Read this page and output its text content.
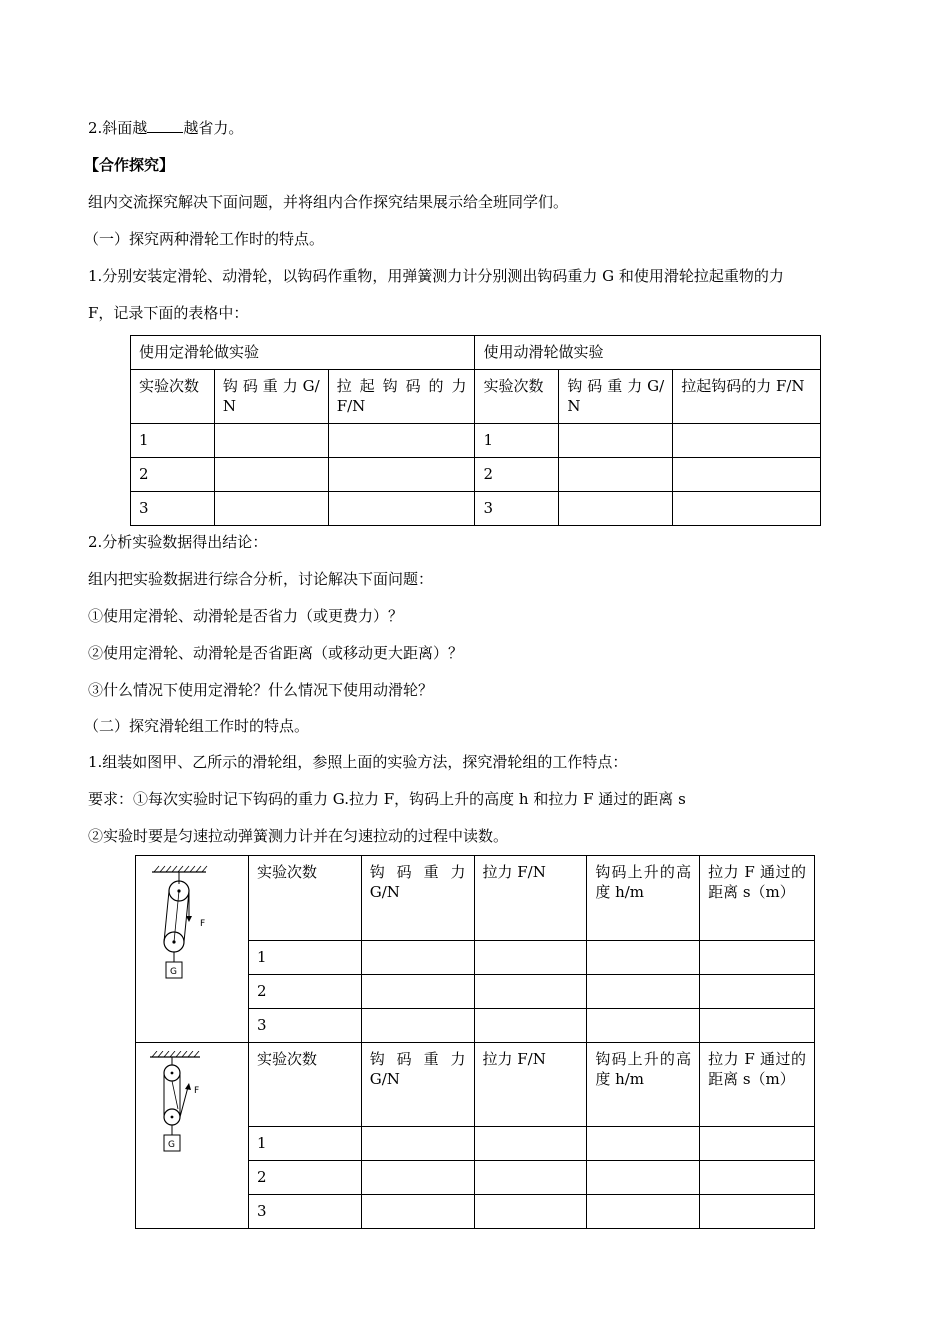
2.斜面越 越省力。
【合作探究】
组内交流探究解决下面问题，并将组内合作探究结果展示给全班同学们。
（一）探究两种滑轮工作时的特点。
1.分别安装定滑轮、动滑轮，以钩码作重物，用弹簧测力计分别测出钩码重力 G 和使用滑轮拉起重物的力
F，记录下面的表格中：
使用定滑轮做实验			使用动滑轮做实验		
实验次数	钩 码 重 力 G/N	拉 起 钩 码 的 力 F/N	实验次数	钩 码 重 力 G/N	拉起钩码的力 F/N
1			1		
2			2		
3			3		
2.分析实验数据得出结论：
组内把实验数据进行综合分析，讨论解决下面问题：
①使用定滑轮、动滑轮是否省力（或更费力）？
②使用定滑轮、动滑轮是否省距离（或移动更大距离）？
③什么情况下使用定滑轮？什么情况下使用动滑轮？
（二）探究滑轮组工作时的特点。
1.组装如图甲、乙所示的滑轮组，参照上面的实验方法，探究滑轮组的工作特点：
要求：①每次实验时记下钩码的重力 G.拉力 F，钩码上升的高度 h 和拉力 F 通过的距离 s
②实验时要是匀速拉动弹簧测力计并在匀速拉动的过程中读数。
F
G	实验次数	钩 码 重 力 G/N	拉力 F/N	钩码上升的高度 h/m	拉力 F 通过的距离 s（m）
	1				
	2				
	3				

F
G	实验次数	钩 码 重 力 G/N	拉力 F/N	钩码上升的高度 h/m	拉力 F 通过的距离 s（m）
	1				
	2				
	3				
